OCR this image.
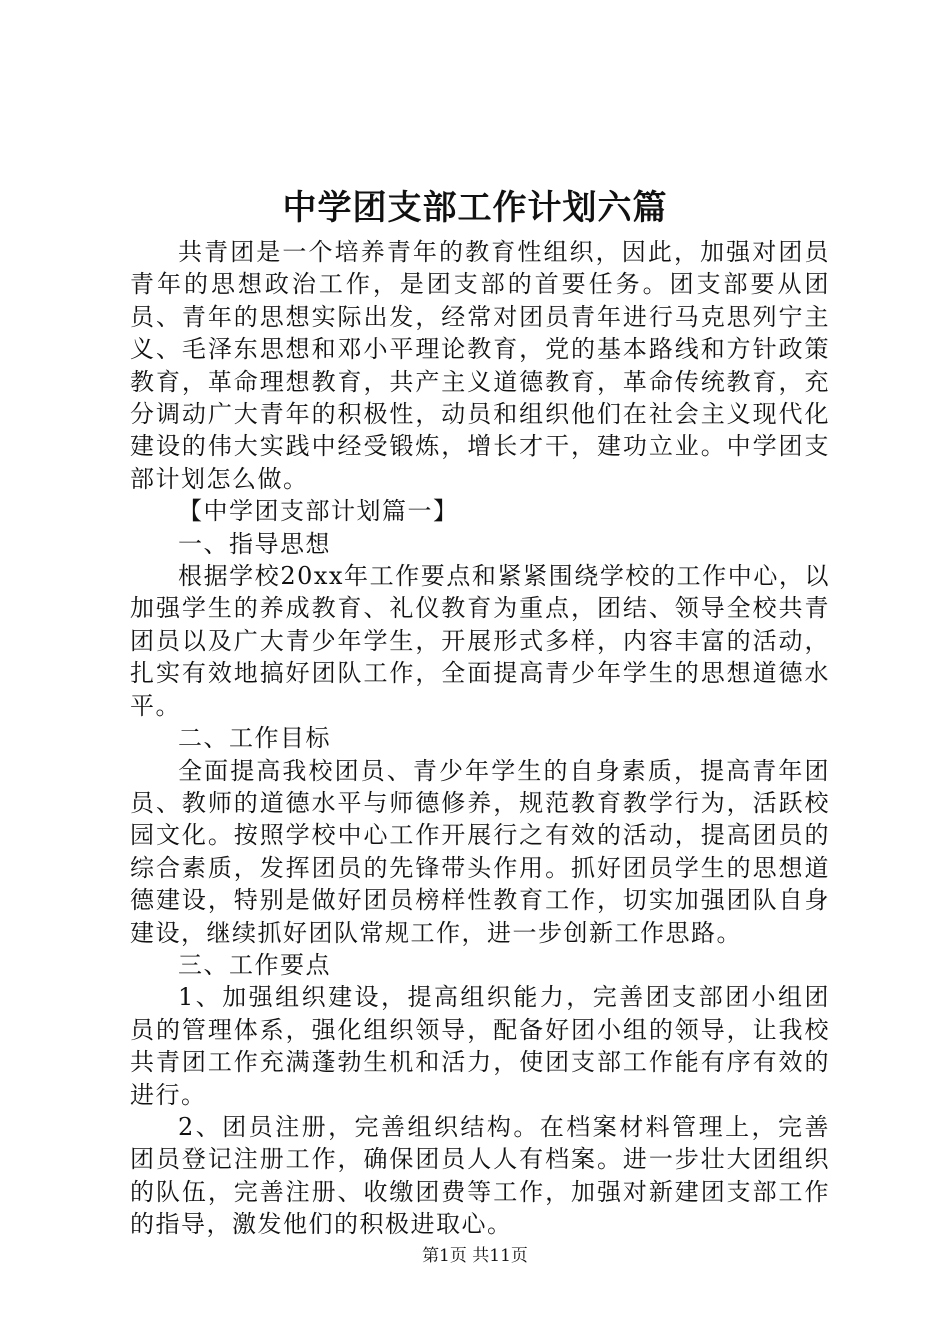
中学团支部工作计划六篇

共青团是一个培养青年的教育性组织，因此，加强对团员青年的思想政治工作，是团支部的首要任务。团支部要从团员、青年的思想实际出发，经常对团员青年进行马克思列宁主义、毛泽东思想和邓小平理论教育，党的基本路线和方针政策教育，革命理想教育，共产主义道德教育，革命传统教育，充分调动广大青年的积极性，动员和组织他们在社会主义现代化建设的伟大实践中经受锻炼，增长才干，建功立业。中学团支部计划怎么做。

【中学团支部计划篇一】

一、指导思想

根据学校20xx年工作要点和紧紧围绕学校的工作中心，以加强学生的养成教育、礼仪教育为重点，团结、领导全校共青团员以及广大青少年学生，开展形式多样，内容丰富的活动，扎实有效地搞好团队工作，全面提高青少年学生的思想道德水平。

二、工作目标

全面提高我校团员、青少年学生的自身素质，提高青年团员、教师的道德水平与师德修养，规范教育教学行为，活跃校园文化。按照学校中心工作开展行之有效的活动，提高团员的综合素质，发挥团员的先锋带头作用。抓好团员学生的思想道德建设，特别是做好团员榜样性教育工作，切实加强团队自身建设，继续抓好团队常规工作，进一步创新工作思路。

三、工作要点

1、加强组织建设，提高组织能力，完善团支部团小组团员的管理体系，强化组织领导，配备好团小组的领导，让我校共青团工作充满蓬勃生机和活力，使团支部工作能有序有效的进行。

2、团员注册，完善组织结构。在档案材料管理上，完善团员登记注册工作，确保团员人人有档案。进一步壮大团组织的队伍，完善注册、收缴团费等工作，加强对新建团支部工作的指导，激发他们的积极进取心。

第1页 共11页
